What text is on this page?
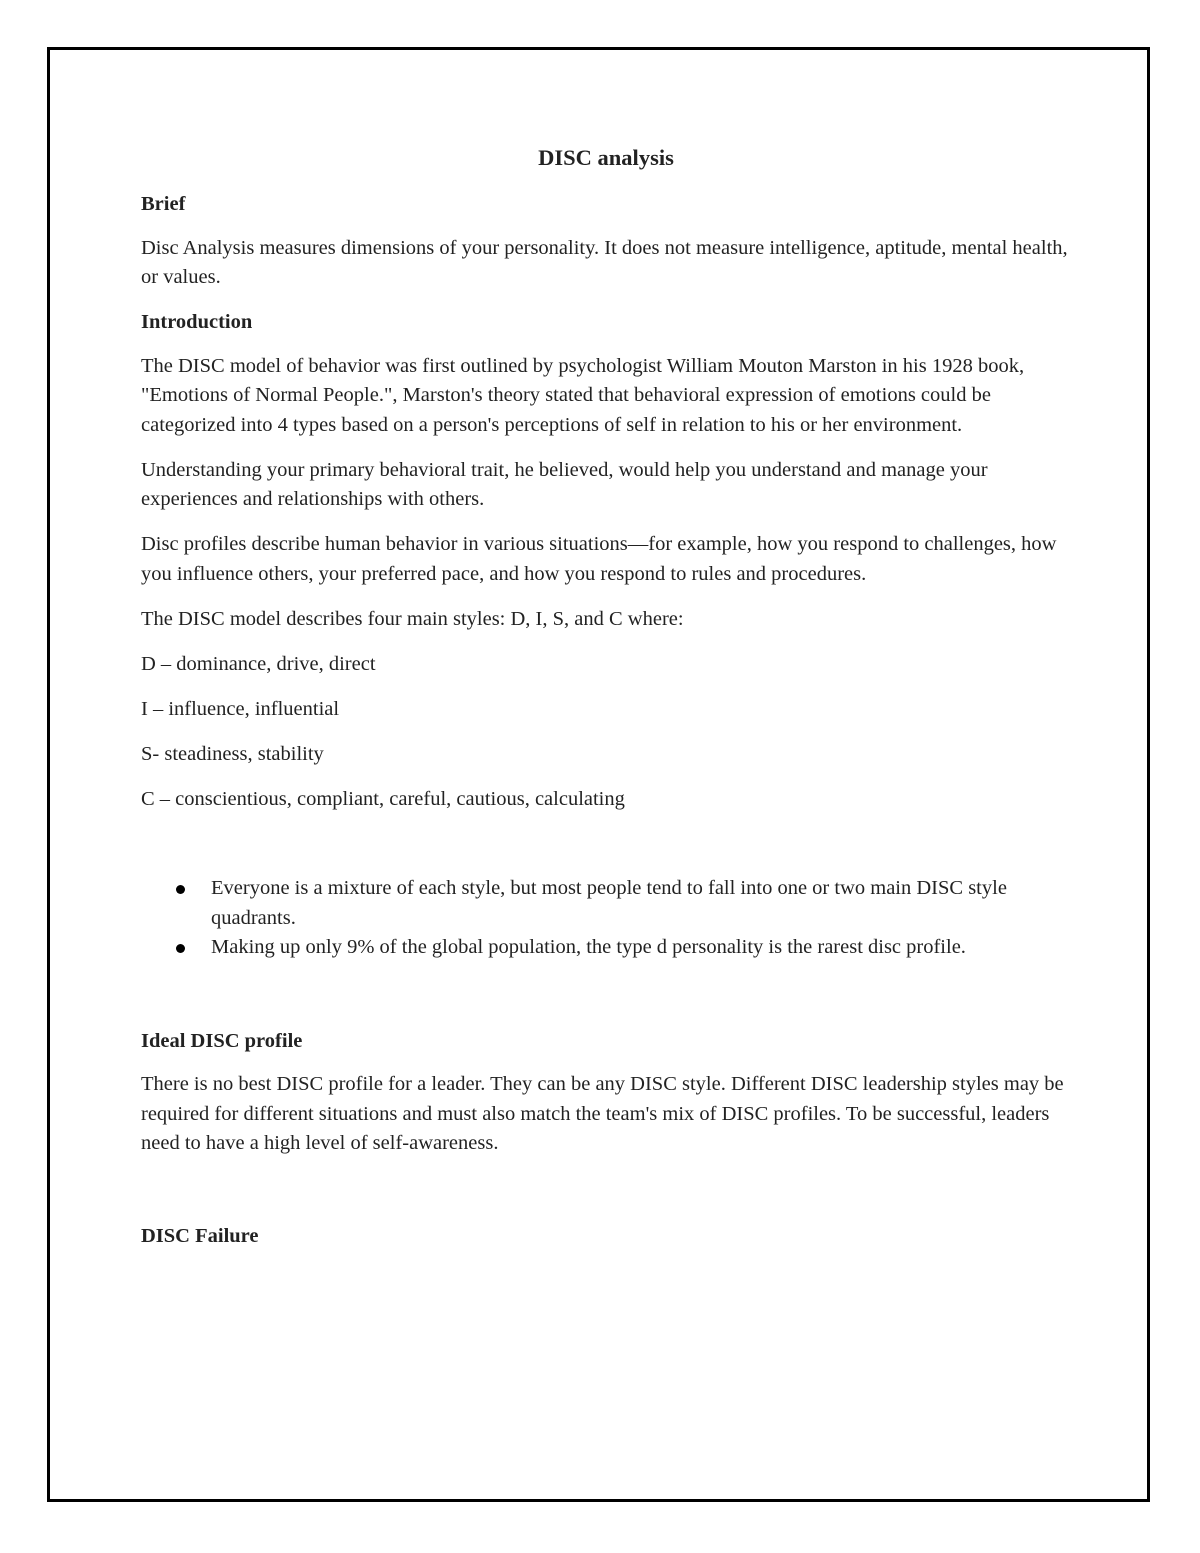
DISC analysis
Brief

Disc Analysis measures dimensions of your personality. It does not measure intelligence, aptitude, mental health, or values.

Introduction

The DISC model of behavior was first outlined by psychologist William Mouton Marston in his 1928 book, "Emotions of Normal People.", Marston's theory stated that behavioral expression of emotions could be categorized into 4 types based on a person's perceptions of self in relation to his or her environment.

Understanding your primary behavioral trait, he believed, would help you understand and manage your experiences and relationships with others.

Disc profiles describe human behavior in various situations—for example, how you respond to challenges, how you influence others, your preferred pace, and how you respond to rules and procedures.

The DISC model describes four main styles: D, I, S, and C where:

D – dominance, drive, direct
I – influence, influential
S- steadiness, stability
C – conscientious, compliant, careful, cautious, calculating
Everyone is a mixture of each style, but most people tend to fall into one or two main DISC style quadrants.
Making up only 9% of the global population, the type d personality is the rarest disc profile.
Ideal DISC profile

There is no best DISC profile for a leader. They can be any DISC style. Different DISC leadership styles may be required for different situations and must also match the team's mix of DISC profiles. To be successful, leaders need to have a high level of self-awareness.

DISC Failure
